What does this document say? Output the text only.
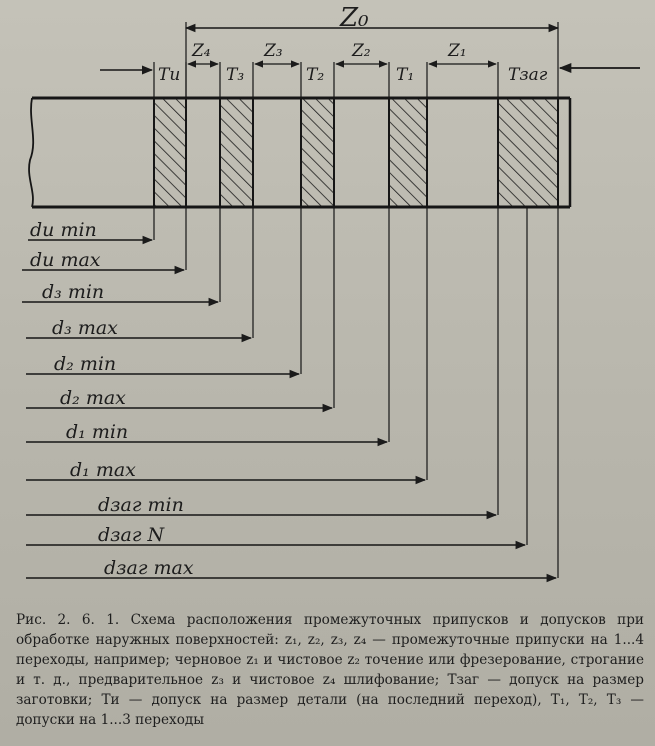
Z₀
Tи
Z₄
T₃
Z₃
T₂
Z₂
T₁
Z₁
Tзаг
dи min
dи max
d₃ min
d₃ max
d₂ min
d₂ max
d₁ min
d₁ max
dзаг min
dзаг N
dзаг max

Рис. 2. 6. 1. Схема расположения промежуточных припусков и допусков при обработке наружных поверхностей: z₁, z₂, z₃, z₄ — промежуточные припуски на 1...4 переходы, например; черновое z₁ и чистовое z₂ точение или фрезерование, строгание и т. д., предварительное z₃ и чистовое z₄ шлифование; Tзаг — допуск на размер заготовки; Tи — допуск на размер детали (на последний переход), T₁, T₂, T₃ — допуски на 1...3 переходы
